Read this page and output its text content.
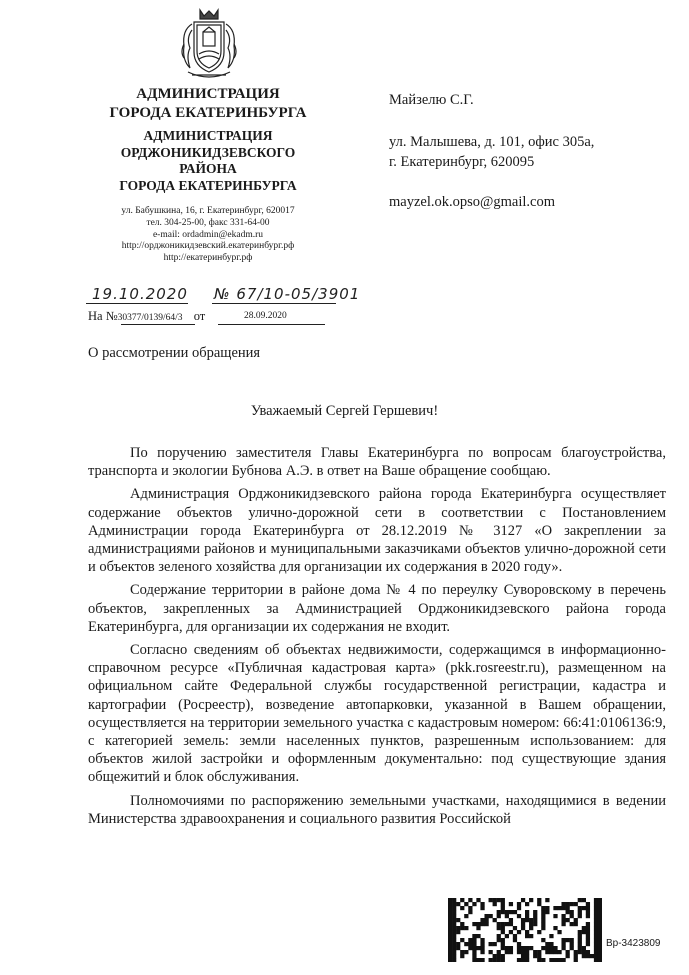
АДМИНИСТРАЦИЯ
ГОРОДА ЕКАТЕРИНБУРГА
АДМИНИСТРАЦИЯ
ОРДЖОНИКИДЗЕВСКОГО
РАЙОНА
ГОРОДА ЕКАТЕРИНБУРГА
ул. Бабушкина, 16, г. Екатеринбург, 620017
тел. 304-25-00, факс 331-64-00
e-mail: ordadmin@ekadm.ru
http://орджоникидзевский.екатеринбург.рф
http://екатеринбург.рф
Майзелю С.Г.
ул. Малышева, д. 101, офис 305а,
г. Екатеринбург, 620095
mayzel.ok.opso@gmail.com
19.10.2020 № 67/10-05/3901
На №30377/0139/64/3 от	28.09.2020
О рассмотрении обращения
Уважаемый Сергей Гершевич!

По поручению заместителя Главы Екатеринбурга по вопросам благоустройства, транспорта и экологии Бубнова А.Э. в ответ на Ваше обращение сообщаю.

Администрация Орджоникидзевского района города Екатеринбурга осуществляет содержание объектов улично-дорожной сети в соответствии с Постановлением Администрации города Екатеринбурга от 28.12.2019 № 3127 «О закреплении за администрациями районов и муниципальными заказчиками объектов улично-дорожной сети и объектов зеленого хозяйства для организации их содержания в 2020 году».

Содержание территории в районе дома № 4 по переулку Суворовскому в перечень объектов, закрепленных за Администрацией Орджоникидзевского района города Екатеринбурга, для организации их содержания не входит.

Согласно сведениям об объектах недвижимости, содержащимся в информационно-справочном ресурсе «Публичная кадастровая карта» (pkk.rosreestr.ru), размещенном на официальном сайте Федеральной службы государственной регистрации, кадастра и картографии (Росреестр), возведение автопарковки, указанной в Вашем обращении, осуществляется на территории земельного участка с кадастровым номером: 66:41:0106136:9, с категорией земель: земли населенных пунктов, разрешенным использованием: для объектов жилой застройки и оформленным документально: под существующие здания общежитий и блок обслуживания.

Полномочиями по распоряжению земельными участками, находящимися в ведении Министерства здравоохранения и социального развития Российской

Вр-3423809
